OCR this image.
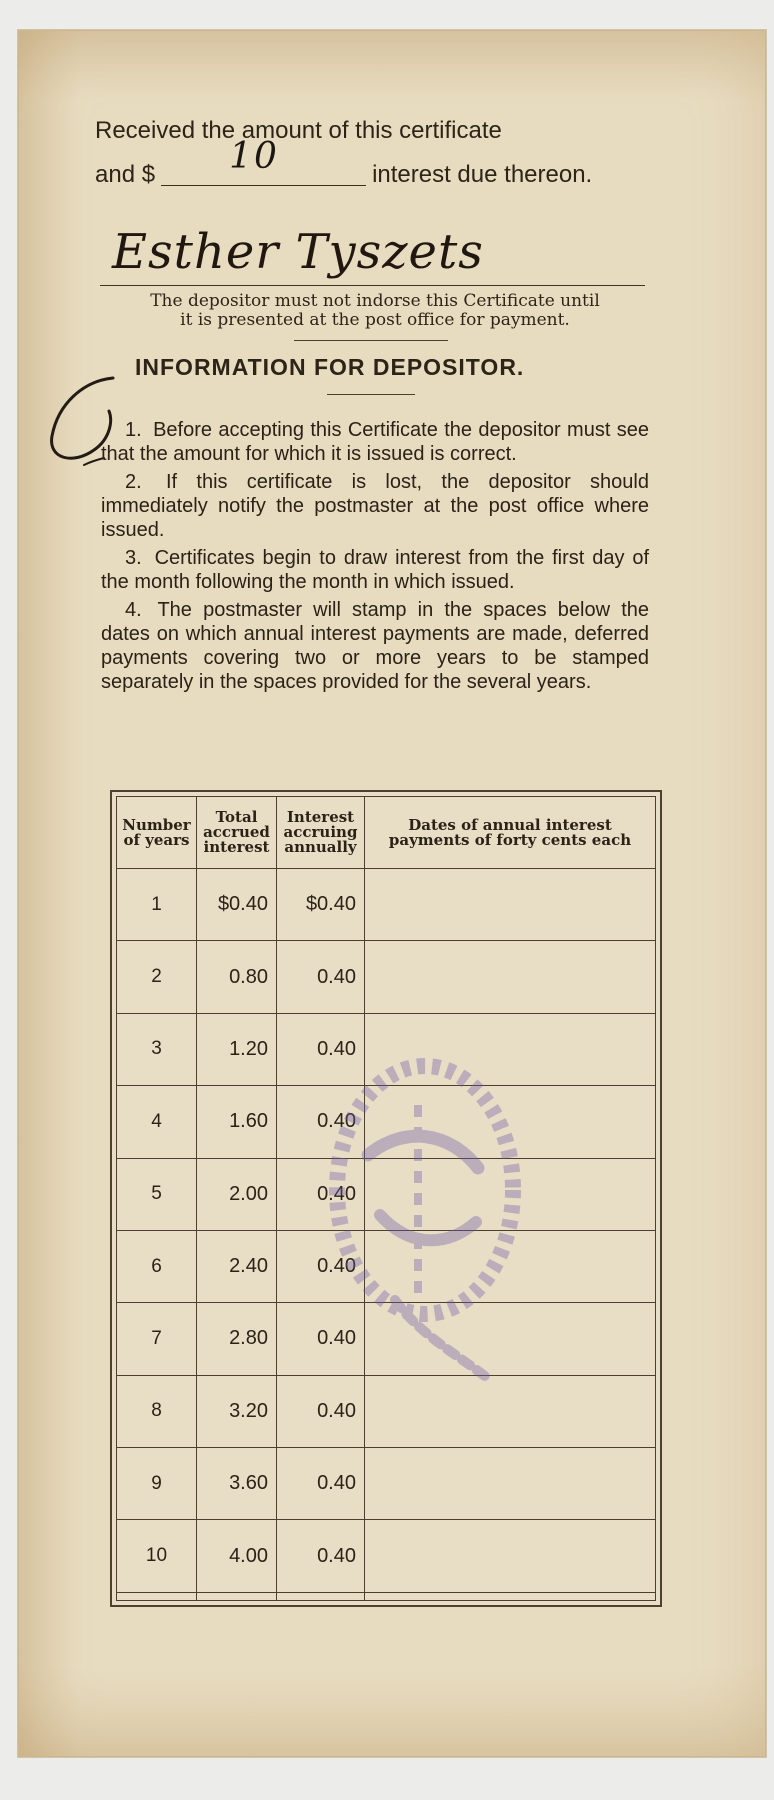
Received the amount of this certificate
and $ 10	interest due thereon.
Esther Tyszets
The depositor must not indorse this Certificate until
it is presented at the post office for payment.
INFORMATION FOR DEPOSITOR.

1. Before accepting this Certificate the depositor must see that the amount for which it is issued is correct.

2. If this certificate is lost, the depositor should immediately notify the postmaster at the post office where issued.

3. Certificates begin to draw interest from the first day of the month following the month in which issued.

4. The postmaster will stamp in the spaces below the dates on which annual interest payments are made, deferred payments covering two or more years to be stamped separately in the spaces provided for the several years.

Number of years	Total accrued interest	Interest accruing annually	Dates of annual interest payments of forty cents each
1	$0.40	$0.40	
2	0.80	0.40	
3	1.20	0.40	
4	1.60	0.40	
5	2.00	0.40	
6	2.40	0.40	
7	2.80	0.40	
8	3.20	0.40	
9	3.60	0.40	
10	4.00	0.40	
